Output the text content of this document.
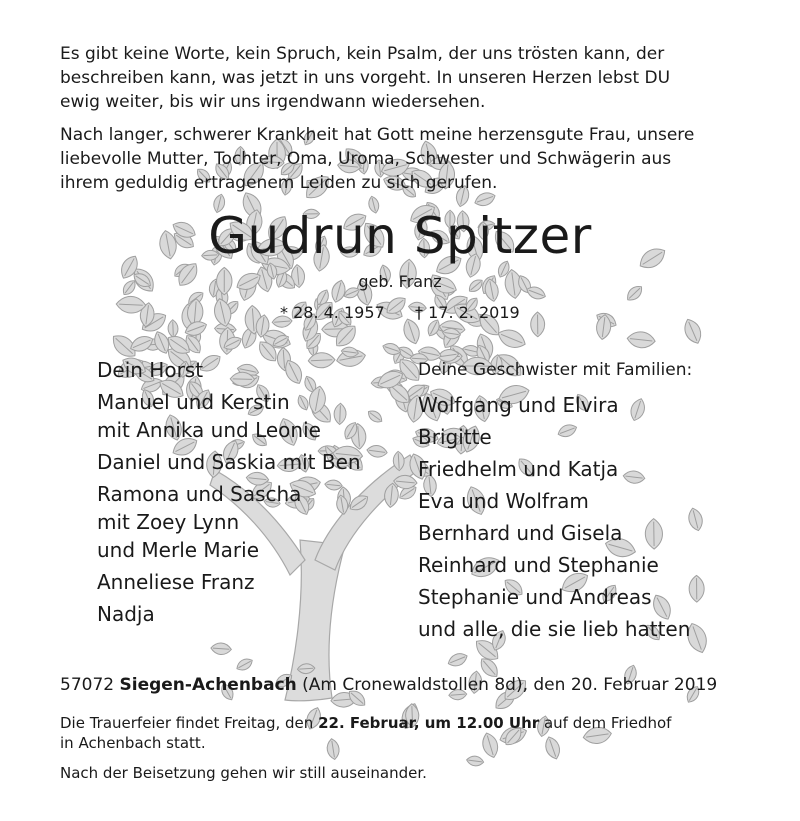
Es gibt keine Worte, kein Spruch, kein Psalm, der uns trösten kann, der
beschreiben kann, was jetzt in uns vorgeht. In unseren Herzen lebst DU
ewig weiter, bis wir uns irgendwann wiedersehen.
Nach langer, schwerer Krankheit hat Gott meine herzensgute Frau, unsere
liebevolle Mutter, Tochter, Oma, Uroma, Schwester und Schwägerin aus
ihrem geduldig ertragenem Leiden zu sich gerufen.
Gudrun Spitzer
geb. Franz
* 28. 4. 1957 † 17. 2. 2019
Dein Horst
Manuel und Kerstin
mit Annika und Leonie
Daniel und Saskia mit Ben
Ramona und Sascha
mit Zoey Lynn
und Merle Marie
Anneliese Franz
Nadja
Deine Geschwister mit Familien:
Wolfgang und Elvira
Brigitte
Friedhelm und Katja
Eva und Wolfram
Bernhard und Gisela
Reinhard und Stephanie
Stephanie und Andreas
und alle, die sie lieb hatten
57072 Siegen-Achenbach (Am Cronewaldstollen 8d), den 20. Februar 2019
Die Trauerfeier findet Freitag, den 22. Februar, um 12.00 Uhr auf dem Friedhof
in Achenbach statt.
Nach der Beisetzung gehen wir still auseinander.
